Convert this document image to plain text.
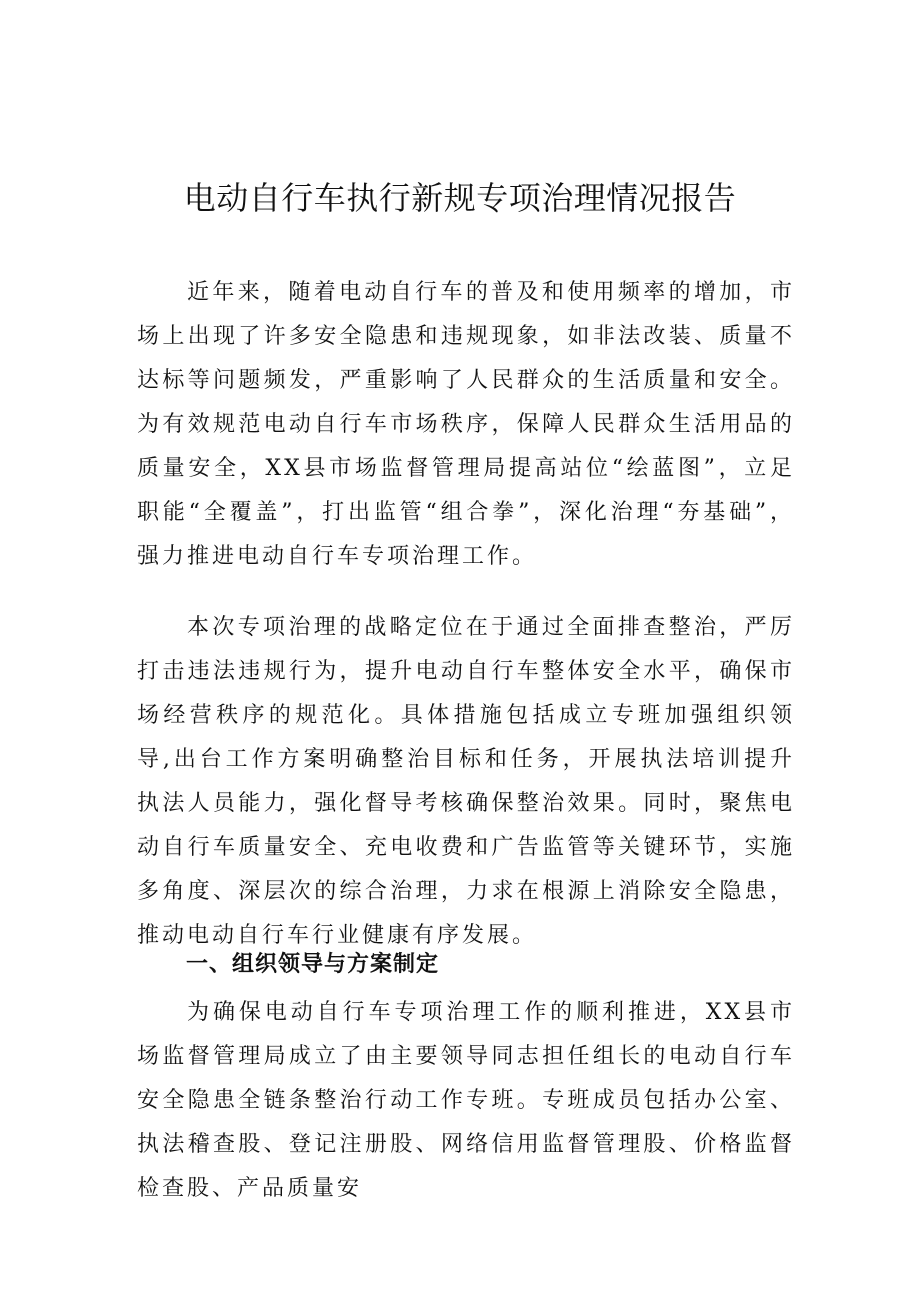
电动自行车执行新规专项治理情况报告

近年来，随着电动自行车的普及和使用频率的增加，市场上出现了许多安全隐患和违规现象，如非法改装、质量不达标等问题频发，严重影响了人民群众的生活质量和安全。为有效规范电动自行车市场秩序，保障人民群众生活用品的质量安全，XX县市场监督管理局提高站位“绘蓝图”，立足职能“全覆盖”，打出监管“组合拳”，深化治理“夯基础”，强力推进电动自行车专项治理工作。

本次专项治理的战略定位在于通过全面排查整治，严厉打击违法违规行为，提升电动自行车整体安全水平，确保市场经营秩序的规范化。具体措施包括成立专班加强组织领导,出台工作方案明确整治目标和任务，开展执法培训提升执法人员能力，强化督导考核确保整治效果。同时，聚焦电动自行车质量安全、充电收费和广告监管等关键环节，实施多角度、深层次的综合治理，力求在根源上消除安全隐患，推动电动自行车行业健康有序发展。

一、组织领导与方案制定

为确保电动自行车专项治理工作的顺利推进，XX县市场监督管理局成立了由主要领导同志担任组长的电动自行车安全隐患全链条整治行动工作专班。专班成员包括办公室、执法稽查股、登记注册股、网络信用监督管理股、价格监督检查股、产品质量安
